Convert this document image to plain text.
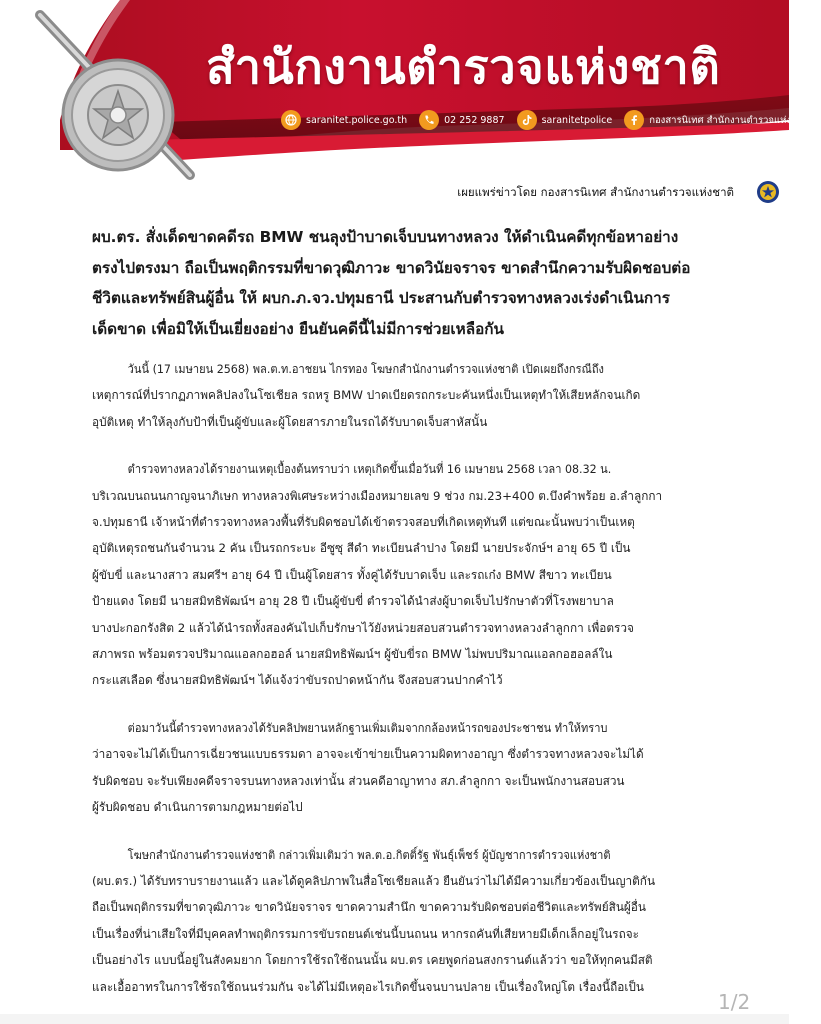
สำนักงานตำรวจแห่งชาติ
saranitet.police.go.th	02 252 9887	saranitetpolice	กองสารนิเทศ สำนักงานตำรวจแห่งชาติ
เผยแพร่ข่าวโดย กองสารนิเทศ สำนักงานตำรวจแห่งชาติ
ผบ.ตร. สั่งเด็ดขาดคดีรถ BMW ชนลุงป้าบาดเจ็บบนทางหลวง ให้ดำเนินคดีทุกข้อหาอย่าง
ตรงไปตรงมา ถือเป็นพฤติกรรมที่ขาดวุฒิภาวะ ขาดวินัยจราจร ขาดสำนึกความรับผิดชอบต่อ
ชีวิตและทรัพย์สินผู้อื่น ให้ ผบก.ภ.จว.ปทุมธานี ประสานกับตำรวจทางหลวงเร่งดำเนินการ
เด็ดขาด เพื่อมิให้เป็นเยี่ยงอย่าง ยืนยันคดีนี้ไม่มีการช่วยเหลือกัน

วันนี้ (17 เมษายน 2568) พล.ต.ท.อาชยน ไกรทอง โฆษกสำนักงานตำรวจแห่งชาติ เปิดเผยถึงกรณีถึง
เหตุการณ์ที่ปรากฏภาพคลิปลงในโซเชียล รถหรู BMW ปาดเบียดรถกระบะคันหนึ่งเป็นเหตุทำให้เสียหลักจนเกิด
อุบัติเหตุ ทำให้ลุงกับป้าที่เป็นผู้ขับและผู้โดยสารภายในรถได้รับบาดเจ็บสาหัสนั้น

ตำรวจทางหลวงได้รายงานเหตุเบื้องต้นทราบว่า เหตุเกิดขึ้นเมื่อวันที่ 16 เมษายน 2568 เวลา 08.32 น.
บริเวณบนถนนกาญจนาภิเษก ทางหลวงพิเศษระหว่างเมืองหมายเลข 9 ช่วง กม.23+400 ต.บึงคำพร้อย อ.ลำลูกกา
จ.ปทุมธานี เจ้าหน้าที่ตำรวจทางหลวงพื้นที่รับผิดชอบได้เข้าตรวจสอบที่เกิดเหตุทันที แต่ขณะนั้นพบว่าเป็นเหตุ
อุบัติเหตุรถชนกันจำนวน 2 คัน เป็นรถกระบะ อีซูซุ สีดำ ทะเบียนลำปาง โดยมี นายประจักษ์ฯ อายุ 65 ปี เป็น
ผู้ขับขี่ และนางสาว สมศรีฯ อายุ 64 ปี เป็นผู้โดยสาร ทั้งคู่ได้รับบาดเจ็บ และรถเก๋ง BMW สีขาว ทะเบียน
ป้ายแดง โดยมี นายสมิทธิพัฒน์ฯ อายุ 28 ปี เป็นผู้ขับขี่ ตำรวจได้นำส่งผู้บาดเจ็บไปรักษาตัวที่โรงพยาบาล
บางปะกอกรังสิต 2 แล้วได้นำรถทั้งสองคันไปเก็บรักษาไว้ยังหน่วยสอบสวนตำรวจทางหลวงลำลูกกา เพื่อตรวจ
สภาพรถ พร้อมตรวจปริมาณแอลกอฮอล์ นายสมิทธิพัฒน์ฯ ผู้ขับขี่รถ BMW ไม่พบปริมาณแอลกอฮอลล์ใน
กระแสเลือด ซึ่งนายสมิทธิพัฒน์ฯ ได้แจ้งว่าขับรถปาดหน้ากัน จึงสอบสวนปากคำไว้

ต่อมาวันนี้ตำรวจทางหลวงได้รับคลิปพยานหลักฐานเพิ่มเติมจากกล้องหน้ารถของประชาชน ทำให้ทราบ
ว่าอาจจะไม่ได้เป็นการเฉี่ยวชนแบบธรรมดา อาจจะเข้าข่ายเป็นความผิดทางอาญา ซึ่งตำรวจทางหลวงจะไม่ได้
รับผิดชอบ จะรับเพียงคดีจราจรบนทางหลวงเท่านั้น ส่วนคดีอาญาทาง สภ.ลำลูกกา จะเป็นพนักงานสอบสวน
ผู้รับผิดชอบ ดำเนินการตามกฎหมายต่อไป

โฆษกสำนักงานตำรวจแห่งชาติ กล่าวเพิ่มเติมว่า พล.ต.อ.กิตติ์รัฐ พันธุ์เพ็ชร์ ผู้บัญชาการตำรวจแห่งชาติ
(ผบ.ตร.) ได้รับทราบรายงานแล้ว และได้ดูคลิปภาพในสื่อโซเชียลแล้ว ยืนยันว่าไม่ได้มีความเกี่ยวข้องเป็นญาติกัน
ถือเป็นพฤติกรรมที่ขาดวุฒิภาวะ ขาดวินัยจราจร ขาดความสำนึก ขาดความรับผิดชอบต่อชีวิตและทรัพย์สินผู้อื่น
เป็นเรื่องที่น่าเสียใจที่มีบุคคลทำพฤติกรรมการขับรถยนต์เช่นนี้บนถนน หากรถคันที่เสียหายมีเด็กเล็กอยู่ในรถจะ
เป็นอย่างไร แบบนี้อยู่ในสังคมยาก โดยการใช้รถใช้ถนนนั้น ผบ.ตร เคยพูดก่อนสงกรานต์แล้วว่า ขอให้ทุกคนมีสติ
และเอื้ออาทรในการใช้รถใช้ถนนร่วมกัน จะได้ไม่มีเหตุอะไรเกิดขึ้นจนบานปลาย เป็นเรื่องใหญ่โต เรื่องนี้ถือเป็น

1/2
